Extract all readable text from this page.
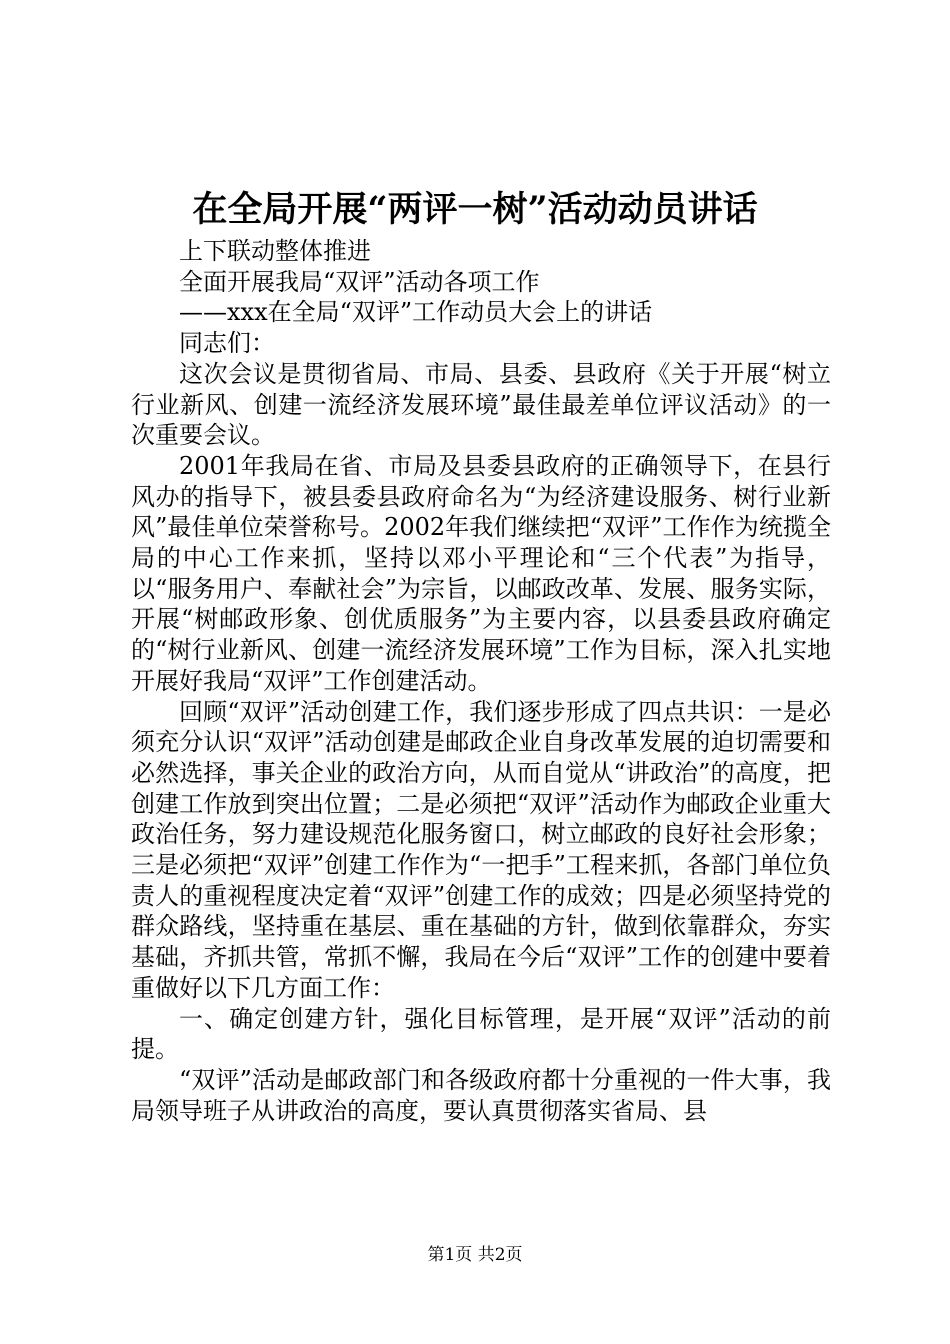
在全局开展“两评一树”活动动员讲话

上下联动整体推进

全面开展我局“双评”活动各项工作

——xxx在全局“双评”工作动员大会上的讲话

同志们：

这次会议是贯彻省局、市局、县委、县政府《关于开展“树立行业新风、创建一流经济发展环境”最佳最差单位评议活动》的一次重要会议。

2001年我局在省、市局及县委县政府的正确领导下，在县行风办的指导下，被县委县政府命名为“为经济建设服务、树行业新风”最佳单位荣誉称号。2002年我们继续把“双评”工作作为统揽全局的中心工作来抓，坚持以邓小平理论和“三个代表”为指导，以“服务用户、奉献社会”为宗旨，以邮政改革、发展、服务实际，开展“树邮政形象、创优质服务”为主要内容，以县委县政府确定的“树行业新风、创建一流经济发展环境”工作为目标，深入扎实地开展好我局“双评”工作创建活动。

回顾“双评”活动创建工作，我们逐步形成了四点共识：一是必须充分认识“双评”活动创建是邮政企业自身改革发展的迫切需要和必然选择，事关企业的政治方向，从而自觉从“讲政治”的高度，把创建工作放到突出位置；二是必须把“双评”活动作为邮政企业重大政治任务，努力建设规范化服务窗口，树立邮政的良好社会形象；三是必须把“双评”创建工作作为“一把手”工程来抓，各部门单位负责人的重视程度决定着“双评”创建工作的成效；四是必须坚持党的群众路线，坚持重在基层、重在基础的方针，做到依靠群众，夯实基础，齐抓共管，常抓不懈，我局在今后“双评”工作的创建中要着重做好以下几方面工作：

一、确定创建方针，强化目标管理，是开展“双评”活动的前提。

“双评”活动是邮政部门和各级政府都十分重视的一件大事，我局领导班子从讲政治的高度，要认真贯彻落实省局、县

第1页 共2页
